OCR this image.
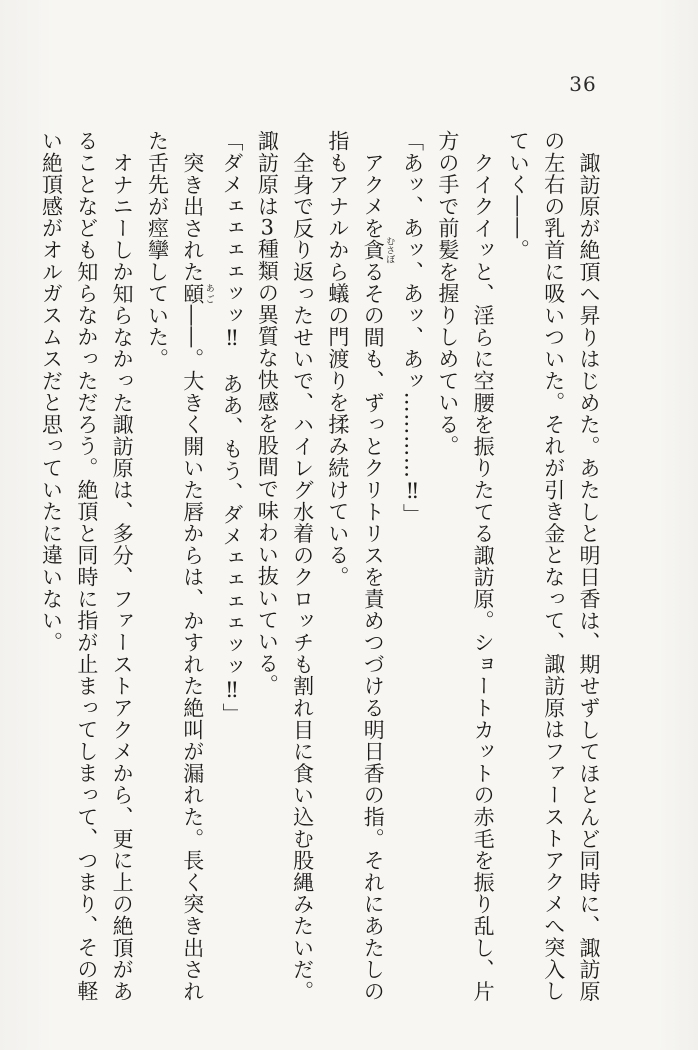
36

諏訪原が絶頂へ昇りはじめた。あたしと明日香は、期せずしてほとんど同時に、諏訪原の左右の乳首に吸いついた。それが引き金となって、諏訪原はファーストアクメへ突入していく――。

クイクイッと、淫らに空腰を振りたてる諏訪原。ショートカットの赤毛を振り乱し、片方の手で前髪を握りしめている。

「あッ、あッ、あッ、あッ…………‼」

アクメを貪 むさぼるその間も、ずっとクリトリスを責めつづける明日香の指。それにあたしの指もアナルから蟻の門渡りを揉み続けている。

全身で反り返ったせいで、ハイレグ水着のクロッチも割れ目に食い込む股縄みたいだ。諏訪原は3種類の異質な快感を股間で味わい抜いている。

「ダメェェェェッッ‼　ああ、もう、ダメェェェェッッ‼」

突き出された頤 あご――。大きく開いた唇からは、かすれた絶叫が漏れた。長く突き出された舌先が痙攣していた。

オナニーしか知らなかった諏訪原は、多分、ファーストアクメから、更に上の絶頂があることなども知らなかっただろう。絶頂と同時に指が止まってしまって、つまり、その軽い絶頂感がオルガスムスだと思っていたに違いない。
